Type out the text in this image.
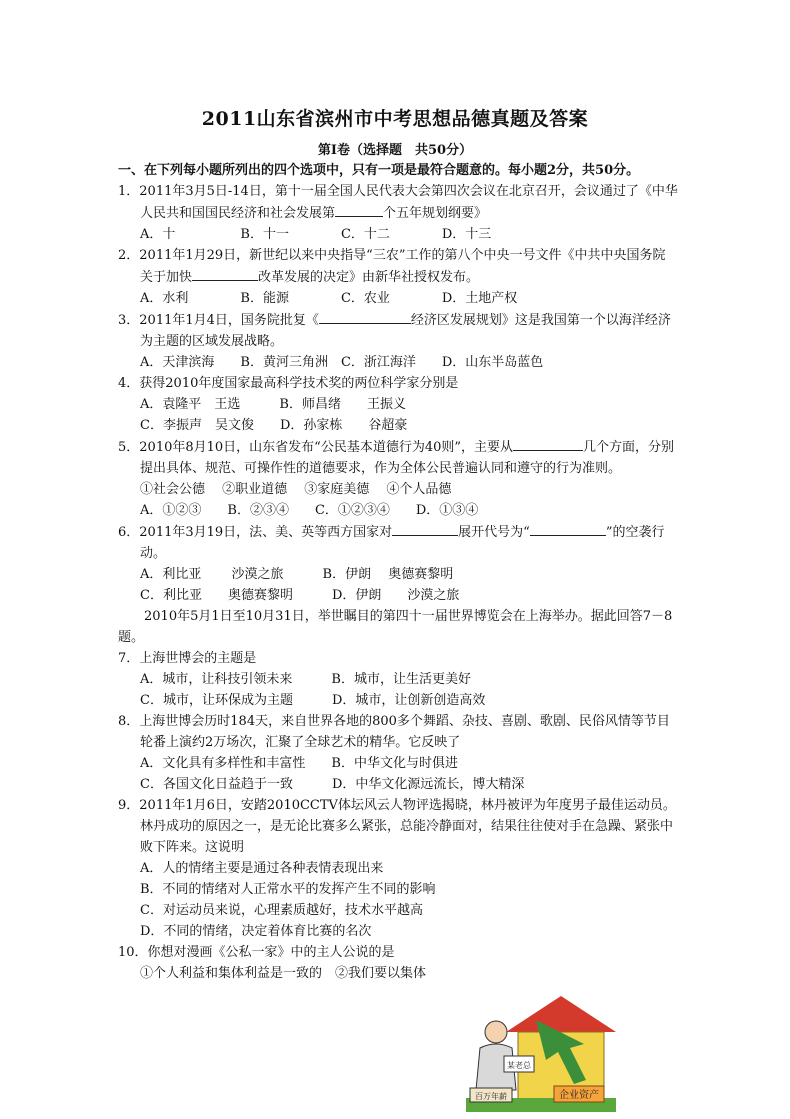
2011山东省滨州市中考思想品德真题及答案
第Ⅰ卷（选择题　共50分）

一、在下列每小题所列出的四个选项中，只有一项是最符合题意的。每小题2分，共50分。

1．2011年3月5日-14日，第十一届全国人民代表大会第四次会议在北京召开，会议通过了《中华人民共和国国民经济和社会发展第	个五年规划纲要》

A．十　　　　　B．十一　　　　C．十二　　　　D．十三

2．2011年1月29日，新世纪以来中央指导“三农”工作的第八个中央一号文件《中共中央国务院关于加快	改革发展的决定》由新华社授权发布。

A．水利　　　　B．能源　　　　C．农业　　　　D．土地产权

3．2011年1月4日，国务院批复《	经济区发展规划》这是我国第一个以海洋经济为主题的区域发展战略。

A．天津滨海　　B．黄河三角洲　C．浙江海洋　　D．山东半岛蓝色

4．获得2010年度国家最高科学技术奖的两位科学家分别是

A．袁隆平　王选　　　B．师昌绪　　王振义

C．李振声　吴文俊　　D．孙家栋　　谷超豪

5．2010年8月10日，山东省发布“公民基本道德行为40则”，主要从	几个方面，分别提出具体、规范、可操作性的道德要求，作为全体公民普遍认同和遵守的行为准则。

①社会公德　 ②职业道德　 ③家庭美德　 ④个人品德

A．①②③　　B．②③④　　C．①②③④　　D．①③④

6．2011年3月19日，法、美、英等西方国家对	展开代号为“	”的空袭行动。

A．利比亚　　 沙漠之旅　　　B．伊朗　 奥德赛黎明

C．利比亚　　奥德赛黎明　　　D．伊朗　　沙漠之旅

2010年5月1日至10月31日，举世瞩目的第四十一届世界博览会在上海举办。据此回答7－8题。

7．上海世博会的主题是

A．城市，让科技引领未来　　　B．城市，让生活更美好

C．城市，让环保成为主题　　　D．城市，让创新创造高效

8．上海世博会历时184天，来自世界各地的800多个舞蹈、杂技、喜剧、歌剧、民俗风情等节目轮番上演约2万场次，汇聚了全球艺术的精华。它反映了

A．文化具有多样性和丰富性　　B．中华文化与时俱进

C．各国文化日益趋于一致　　　D．中华文化源远流长，博大精深

9．2011年1月6日，安踏2010CCTV体坛风云人物评选揭晓，林丹被评为年度男子最佳运动员。林丹成功的原因之一，是无论比赛多么紧张，总能冷静面对，结果往往使对手在急躁、紧张中败下阵来。这说明

A．人的情绪主要是通过各种表情表现出来

B．不同的情绪对人正常水平的发挥产生不同的影响

C．对运动员来说，心理素质越好，技术水平越高

D．不同的情绪，决定着体育比赛的名次

10．你想对漫画《公私一家》中的主人公说的是

①个人利益和集体利益是一致的　②我们要以集体

企业资产
某老总
百万年薪
